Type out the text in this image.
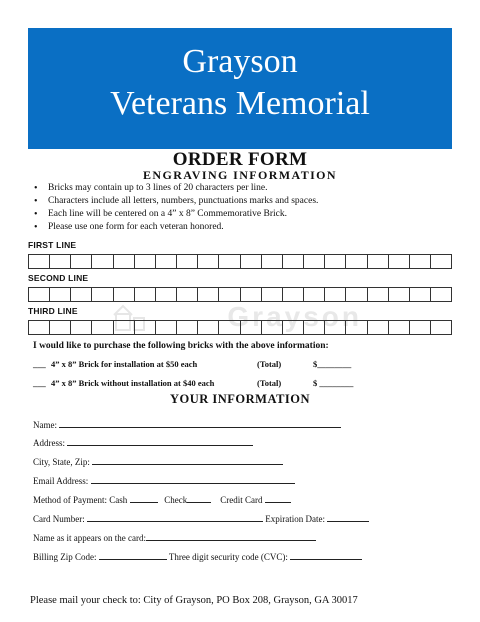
Grayson
Veterans Memorial
ORDER FORM
ENGRAVING INFORMATION
• Bricks may contain up to 3 lines of 20 characters per line.
• Characters include all letters, numbers, punctuations marks and spaces.
• Each line will be centered on a 4” x 8” Commemorative Brick.
• Please use one form for each veteran honored.
FIRST LINE
SECOND LINE
Grayson
THIRD LINE
I would like to purchase the following bricks with the above information:
___ 4” x 8” Brick for installation at $50 each	(Total)	$________
___ 4” x 8” Brick without installation at $40 each	(Total)	$ ________
YOUR INFORMATION
Name:
Address:
City, State, Zip:
Email Address:
Method of Payment: Cash	Check	Credit Card
Card Number:	Expiration Date:
Name as it appears on the card:
Billing Zip Code:	Three digit security code (CVC):
Please mail your check to: City of Grayson, PO Box 208, Grayson, GA 30017
